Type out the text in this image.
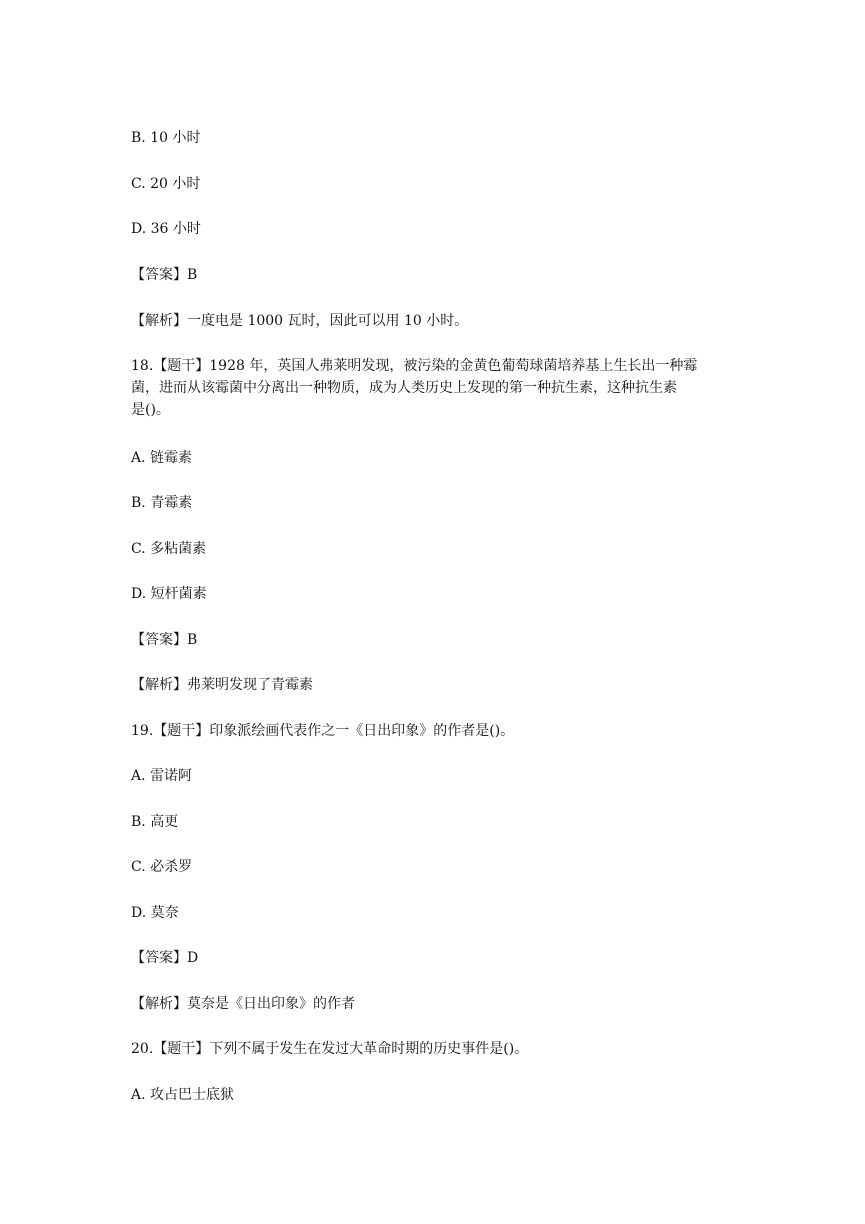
B. 10 小时
C. 20 小时
D. 36 小时
【答案】B
【解析】一度电是 1000 瓦时，因此可以用 10 小时。
18.【题干】1928 年，英国人弗莱明发现，被污染的金黄色葡萄球菌培养基上生长出一种霉
菌，进而从该霉菌中分离出一种物质，成为人类历史上发现的第一种抗生素，这种抗生素
是()。
A. 链霉素
B. 青霉素
C. 多粘菌素
D. 短杆菌素
【答案】B
【解析】弗莱明发现了青霉素
19.【题干】印象派绘画代表作之一《日出印象》的作者是()。
A. 雷诺阿
B. 高更
C. 必杀罗
D. 莫奈
【答案】D
【解析】莫奈是《日出印象》的作者
20.【题干】下列不属于发生在发过大革命时期的历史事件是()。
A. 攻占巴士底狱
